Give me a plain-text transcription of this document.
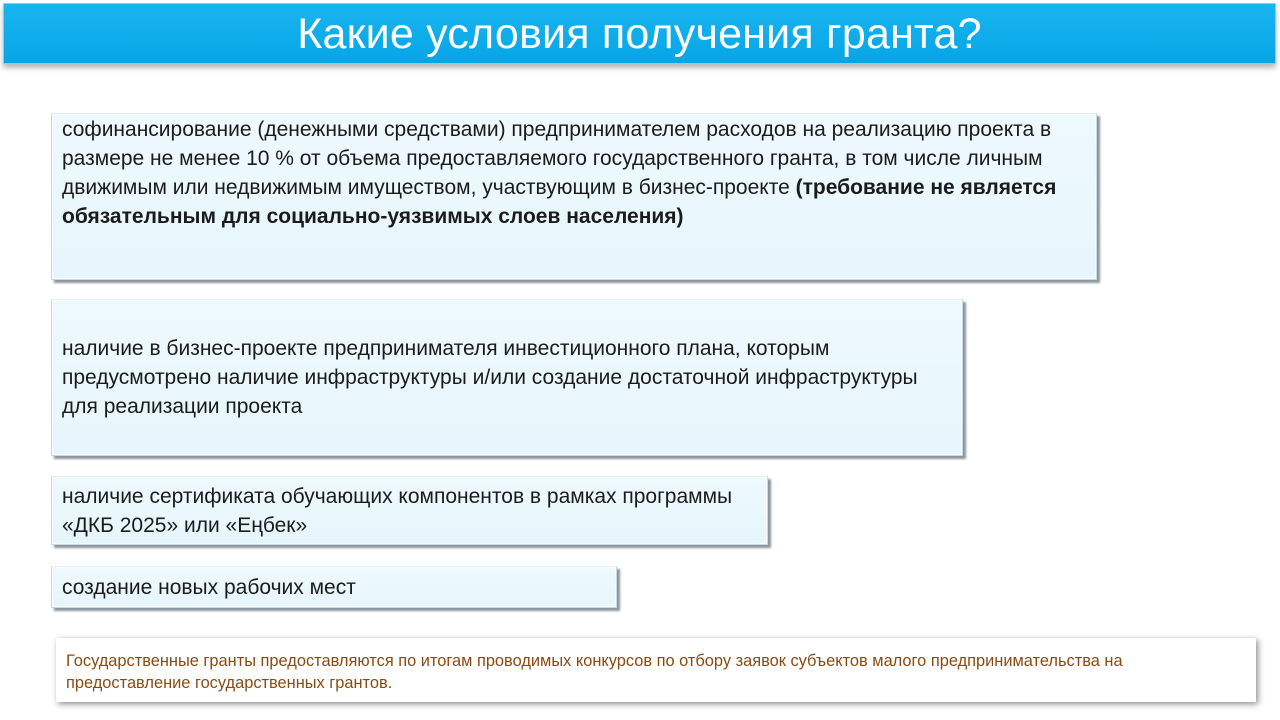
Какие условия получения гранта?
софинансирование (денежными средствами) предпринимателем расходов на реализацию проекта в размере не менее 10 % от объема предоставляемого государственного гранта, в том числе личным движимым или недвижимым имуществом, участвующим в бизнес-проекте (требование не является обязательным для социально-уязвимых слоев населения)
наличие в бизнес-проекте предпринимателя инвестиционного плана, которым предусмотрено наличие инфраструктуры и/или создание достаточной инфраструктуры для реализации проекта
наличие сертификата обучающих компонентов в рамках программы «ДКБ 2025» или «Еңбек»
создание новых рабочих мест
Государственные гранты предоставляются по итогам проводимых конкурсов по отбору заявок субъектов малого предпринимательства на предоставление государственных грантов.
